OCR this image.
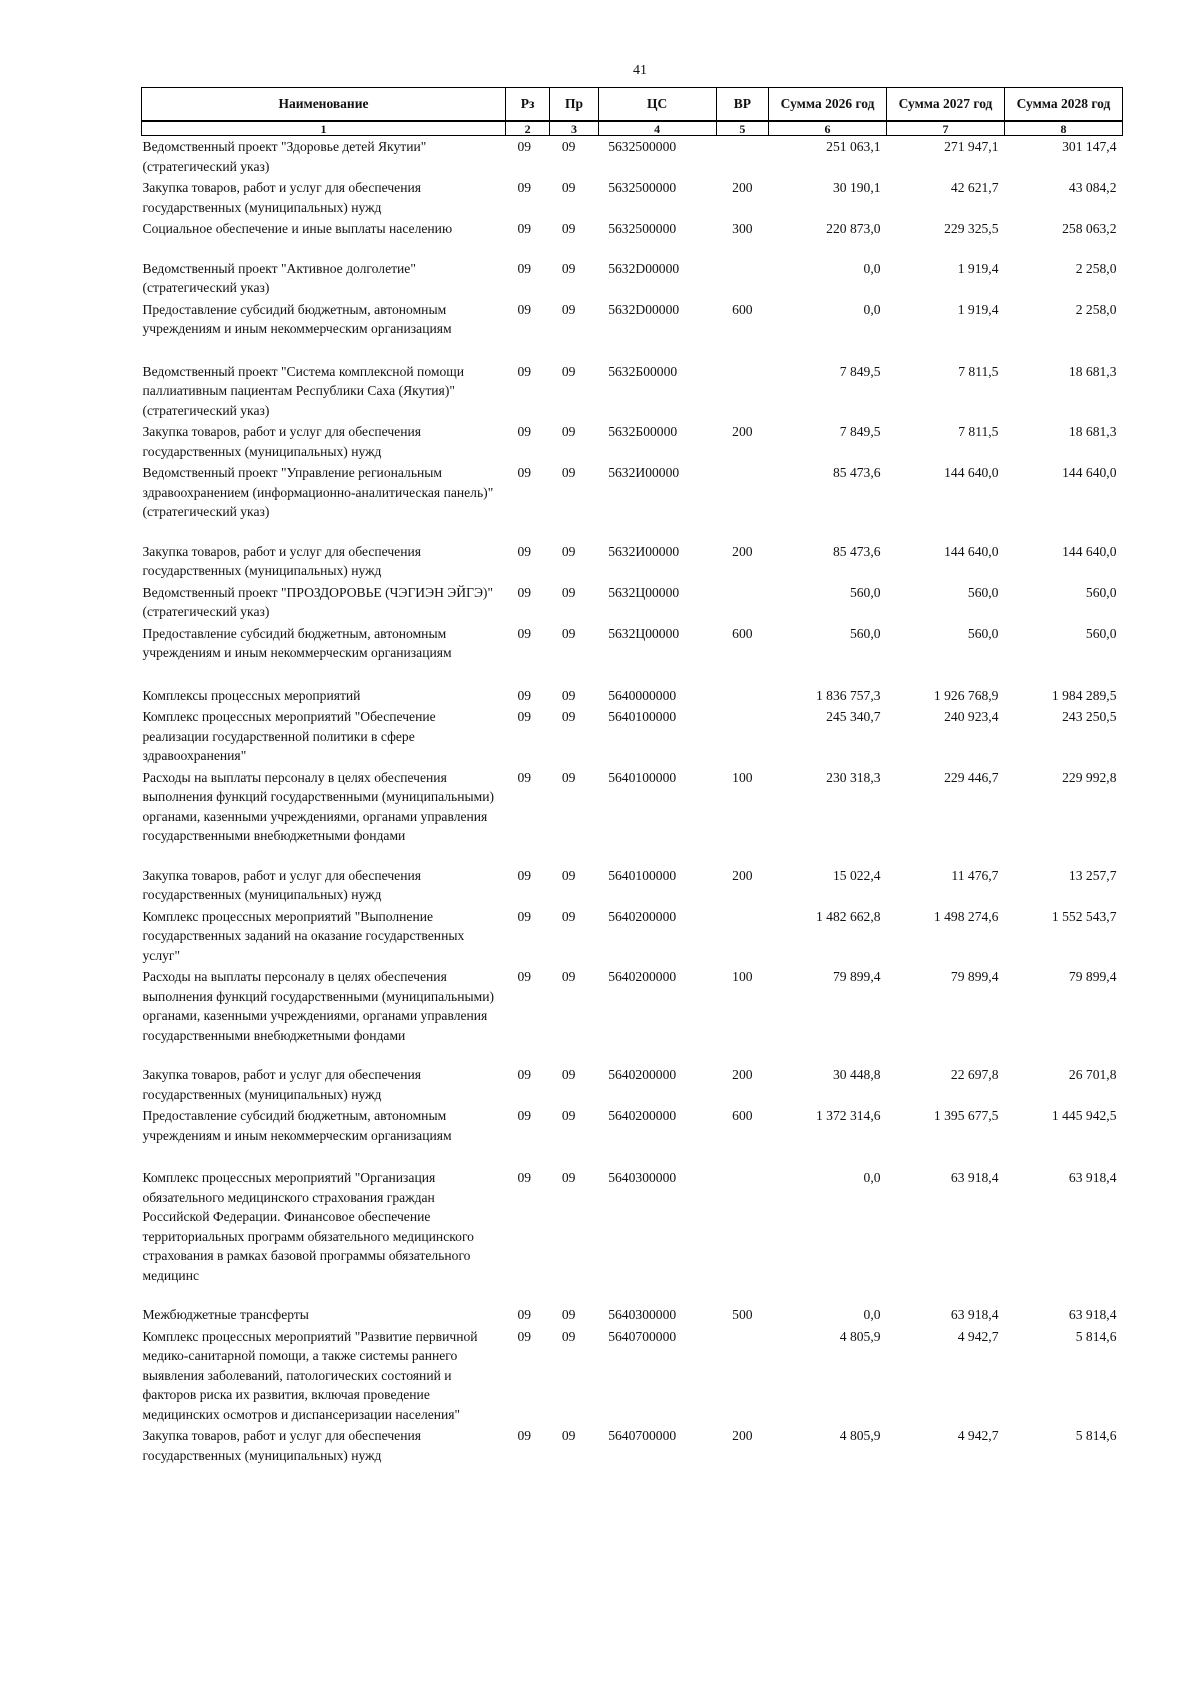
41
Наименование	Рз	Пр	ЦС	ВР	Сумма 2026 год	Сумма 2027 год	Сумма 2028 год
1	2	3	4	5	6	7	8
Ведомственный проект "Здоровье детей Якутии" (стратегический указ)	09	09	5632500000		251 063,1	271 947,1	301 147,4
Закупка товаров, работ и услуг для обеспечения государственных (муниципальных) нужд	09	09	5632500000	200	30 190,1	42 621,7	43 084,2
Социальное обеспечение и иные выплаты населению	09	09	5632500000	300	220 873,0	229 325,5	258 063,2
Ведомственный проект "Активное долголетие" (стратегический указ)	09	09	5632D00000		0,0	1 919,4	2 258,0
Предоставление субсидий бюджетным, автономным учреждениям и иным некоммерческим организациям	09	09	5632D00000	600	0,0	1 919,4	2 258,0
Ведомственный проект "Система комплексной помощи паллиативным пациентам Республики Саха (Якутия)" (стратегический указ)	09	09	5632Б00000		7 849,5	7 811,5	18 681,3
Закупка товаров, работ и услуг для обеспечения государственных (муниципальных) нужд	09	09	5632Б00000	200	7 849,5	7 811,5	18 681,3
Ведомственный проект "Управление региональным здравоохранением (информационно-аналитическая панель)" (стратегический указ)	09	09	5632И00000		85 473,6	144 640,0	144 640,0
Закупка товаров, работ и услуг для обеспечения государственных (муниципальных) нужд	09	09	5632И00000	200	85 473,6	144 640,0	144 640,0
Ведомственный проект "ПРОЗДОРОВЬЕ (ЧЭГИЭН ЭЙГЭ)" (стратегический указ)	09	09	5632Ц00000		560,0	560,0	560,0
Предоставление субсидий бюджетным, автономным учреждениям и иным некоммерческим организациям	09	09	5632Ц00000	600	560,0	560,0	560,0
Комплексы процессных мероприятий	09	09	5640000000		1 836 757,3	1 926 768,9	1 984 289,5
Комплекс процессных мероприятий "Обеспечение реализации государственной политики в сфере здравоохранения"	09	09	5640100000		245 340,7	240 923,4	243 250,5
Расходы на выплаты персоналу в целях обеспечения выполнения функций государственными (муниципальными) органами, казенными учреждениями, органами управления государственными внебюджетными фондами	09	09	5640100000	100	230 318,3	229 446,7	229 992,8
Закупка товаров, работ и услуг для обеспечения государственных (муниципальных) нужд	09	09	5640100000	200	15 022,4	11 476,7	13 257,7
Комплекс процессных мероприятий "Выполнение государственных заданий на оказание государственных услуг"	09	09	5640200000		1 482 662,8	1 498 274,6	1 552 543,7
Расходы на выплаты персоналу в целях обеспечения выполнения функций государственными (муниципальными) органами, казенными учреждениями, органами управления государственными внебюджетными фондами	09	09	5640200000	100	79 899,4	79 899,4	79 899,4
Закупка товаров, работ и услуг для обеспечения государственных (муниципальных) нужд	09	09	5640200000	200	30 448,8	22 697,8	26 701,8
Предоставление субсидий бюджетным, автономным учреждениям и иным некоммерческим организациям	09	09	5640200000	600	1 372 314,6	1 395 677,5	1 445 942,5
Комплекс процессных мероприятий "Организация обязательного медицинского страхования граждан Российской Федерации. Финансовое обеспечение территориальных программ обязательного медицинского страхования в рамках базовой программы обязательного медицинс	09	09	5640300000		0,0	63 918,4	63 918,4
Межбюджетные трансферты	09	09	5640300000	500	0,0	63 918,4	63 918,4
Комплекс процессных мероприятий "Развитие первичной медико-санитарной помощи, а также системы раннего выявления заболеваний, патологических состояний и факторов риска их развития, включая проведение медицинских осмотров и диспансеризации населения"	09	09	5640700000		4 805,9	4 942,7	5 814,6
Закупка товаров, работ и услуг для обеспечения государственных (муниципальных) нужд	09	09	5640700000	200	4 805,9	4 942,7	5 814,6
